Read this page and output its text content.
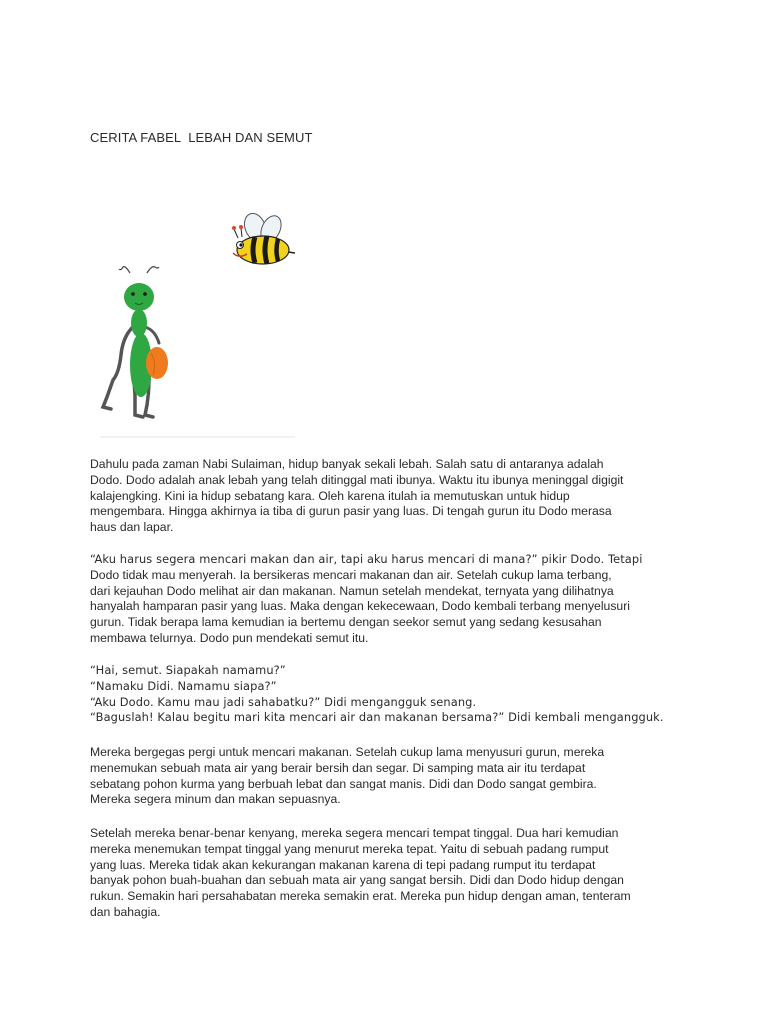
CERITA FABEL  LEBAH DAN SEMUT
Dahulu pada zaman Nabi Sulaiman, hidup banyak sekali lebah. Salah satu di antaranya adalah
Dodo. Dodo adalah anak lebah yang telah ditinggal mati ibunya. Waktu itu ibunya meninggal digigit
kalajengking. Kini ia hidup sebatang kara. Oleh karena itulah ia memutuskan untuk hidup
mengembara. Hingga akhirnya ia tiba di gurun pasir yang luas. Di tengah gurun itu Dodo merasa
haus dan lapar.
“Aku harus segera mencari makan dan air, tapi aku harus mencari di mana?” pikir Dodo. Tetapi
Dodo tidak mau menyerah. Ia bersikeras mencari makanan dan air. Setelah cukup lama terbang,
dari kejauhan Dodo melihat air dan makanan. Namun setelah mendekat, ternyata yang dilihatnya
hanyalah hamparan pasir yang luas. Maka dengan kekecewaan, Dodo kembali terbang menyelusuri
gurun. Tidak berapa lama kemudian ia bertemu dengan seekor semut yang sedang kesusahan
membawa telurnya. Dodo pun mendekati semut itu.
“Hai, semut. Siapakah namamu?”
“Namaku Didi. Namamu siapa?”
“Aku Dodo. Kamu mau jadi sahabatku?” Didi mengangguk senang.
“Baguslah! Kalau begitu mari kita mencari air dan makanan bersama?” Didi kembali mengangguk.
Mereka bergegas pergi untuk mencari makanan. Setelah cukup lama menyusuri gurun, mereka
menemukan sebuah mata air yang berair bersih dan segar. Di samping mata air itu terdapat
sebatang pohon kurma yang berbuah lebat dan sangat manis. Didi dan Dodo sangat gembira.
Mereka segera minum dan makan sepuasnya.
Setelah mereka benar-benar kenyang, mereka segera mencari tempat tinggal. Dua hari kemudian
mereka menemukan tempat tinggal yang menurut mereka tepat. Yaitu di sebuah padang rumput
yang luas. Mereka tidak akan kekurangan makanan karena di tepi padang rumput itu terdapat
banyak pohon buah-buahan dan sebuah mata air yang sangat bersih. Didi dan Dodo hidup dengan
rukun. Semakin hari persahabatan mereka semakin erat. Mereka pun hidup dengan aman, tenteram
dan bahagia.
